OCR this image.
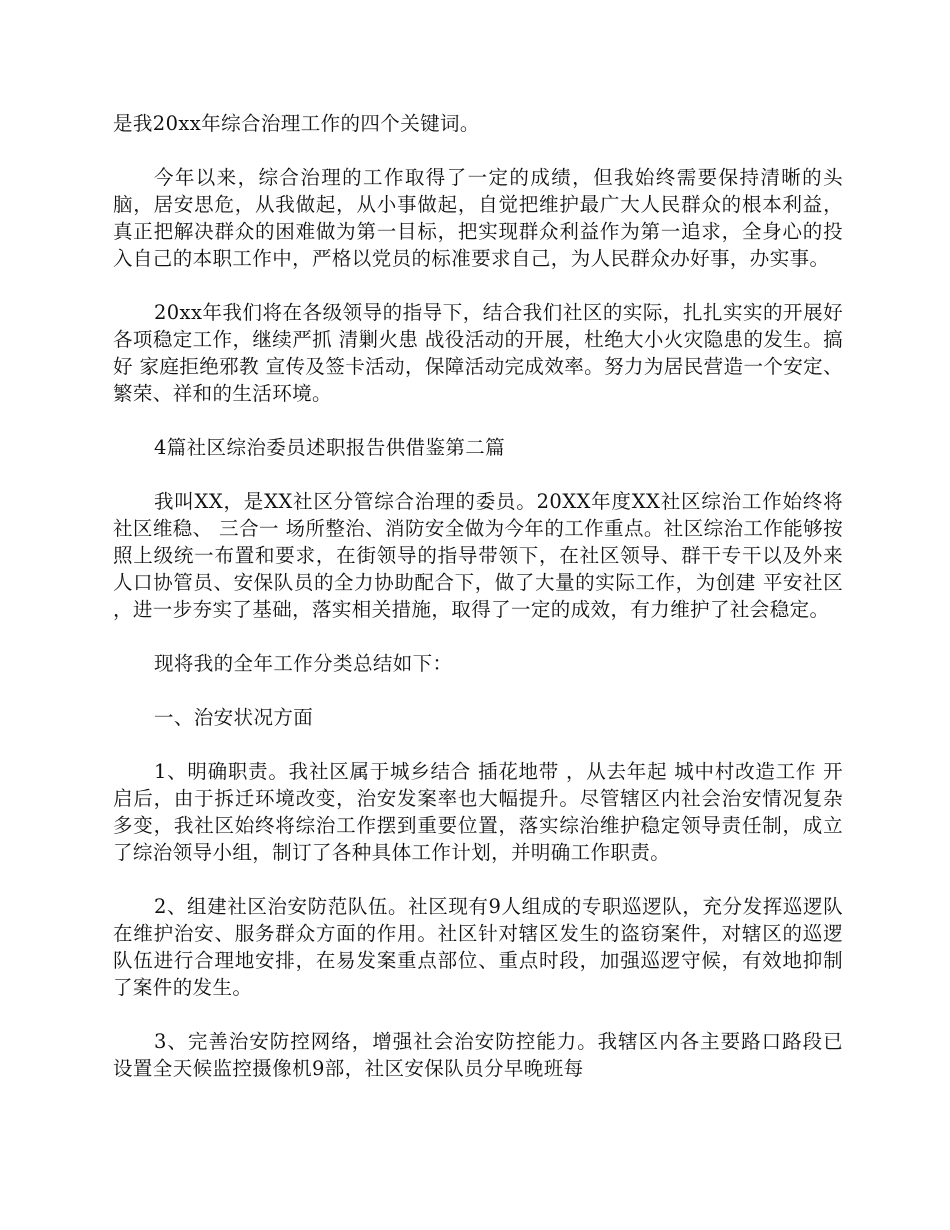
是我20xx年综合治理工作的四个关键词。

今年以来，综合治理的工作取得了一定的成绩，但我始终需要保持清晰的头脑，居安思危，从我做起，从小事做起，自觉把维护最广大人民群众的根本利益，真正把解决群众的困难做为第一目标，把实现群众利益作为第一追求，全身心的投入自己的本职工作中，严格以党员的标准要求自己，为人民群众办好事，办实事。

20xx年我们将在各级领导的指导下，结合我们社区的实际，扎扎实实的开展好各项稳定工作，继续严抓 清剿火患 战役活动的开展，杜绝大小火灾隐患的发生。搞好 家庭拒绝邪教 宣传及签卡活动，保障活动完成效率。努力为居民营造一个安定、繁荣、祥和的生活环境。

4篇社区综治委员述职报告供借鉴第二篇

我叫XX，是XX社区分管综合治理的委员。20XX年度XX社区综治工作始终将社区维稳、 三合一 场所整治、消防安全做为今年的工作重点。社区综治工作能够按照上级统一布置和要求，在街领导的指导带领下，在社区领导、群干专干以及外来人口协管员、安保队员的全力协助配合下，做了大量的实际工作，为创建 平安社区 ，进一步夯实了基础，落实相关措施，取得了一定的成效，有力维护了社会稳定。

现将我的全年工作分类总结如下：

一、治安状况方面

1、明确职责。我社区属于城乡结合 插花地带 ，从去年起 城中村改造工作 开启后，由于拆迁环境改变，治安发案率也大幅提升。尽管辖区内社会治安情况复杂多变，我社区始终将综治工作摆到重要位置，落实综治维护稳定领导责任制，成立了综治领导小组，制订了各种具体工作计划，并明确工作职责。

2、组建社区治安防范队伍。社区现有9人组成的专职巡逻队，充分发挥巡逻队在维护治安、服务群众方面的作用。社区针对辖区发生的盗窃案件，对辖区的巡逻队伍进行合理地安排，在易发案重点部位、重点时段，加强巡逻守候，有效地抑制了案件的发生。

3、完善治安防控网络，增强社会治安防控能力。我辖区内各主要路口路段已设置全天候监控摄像机9部，社区安保队员分早晚班每
